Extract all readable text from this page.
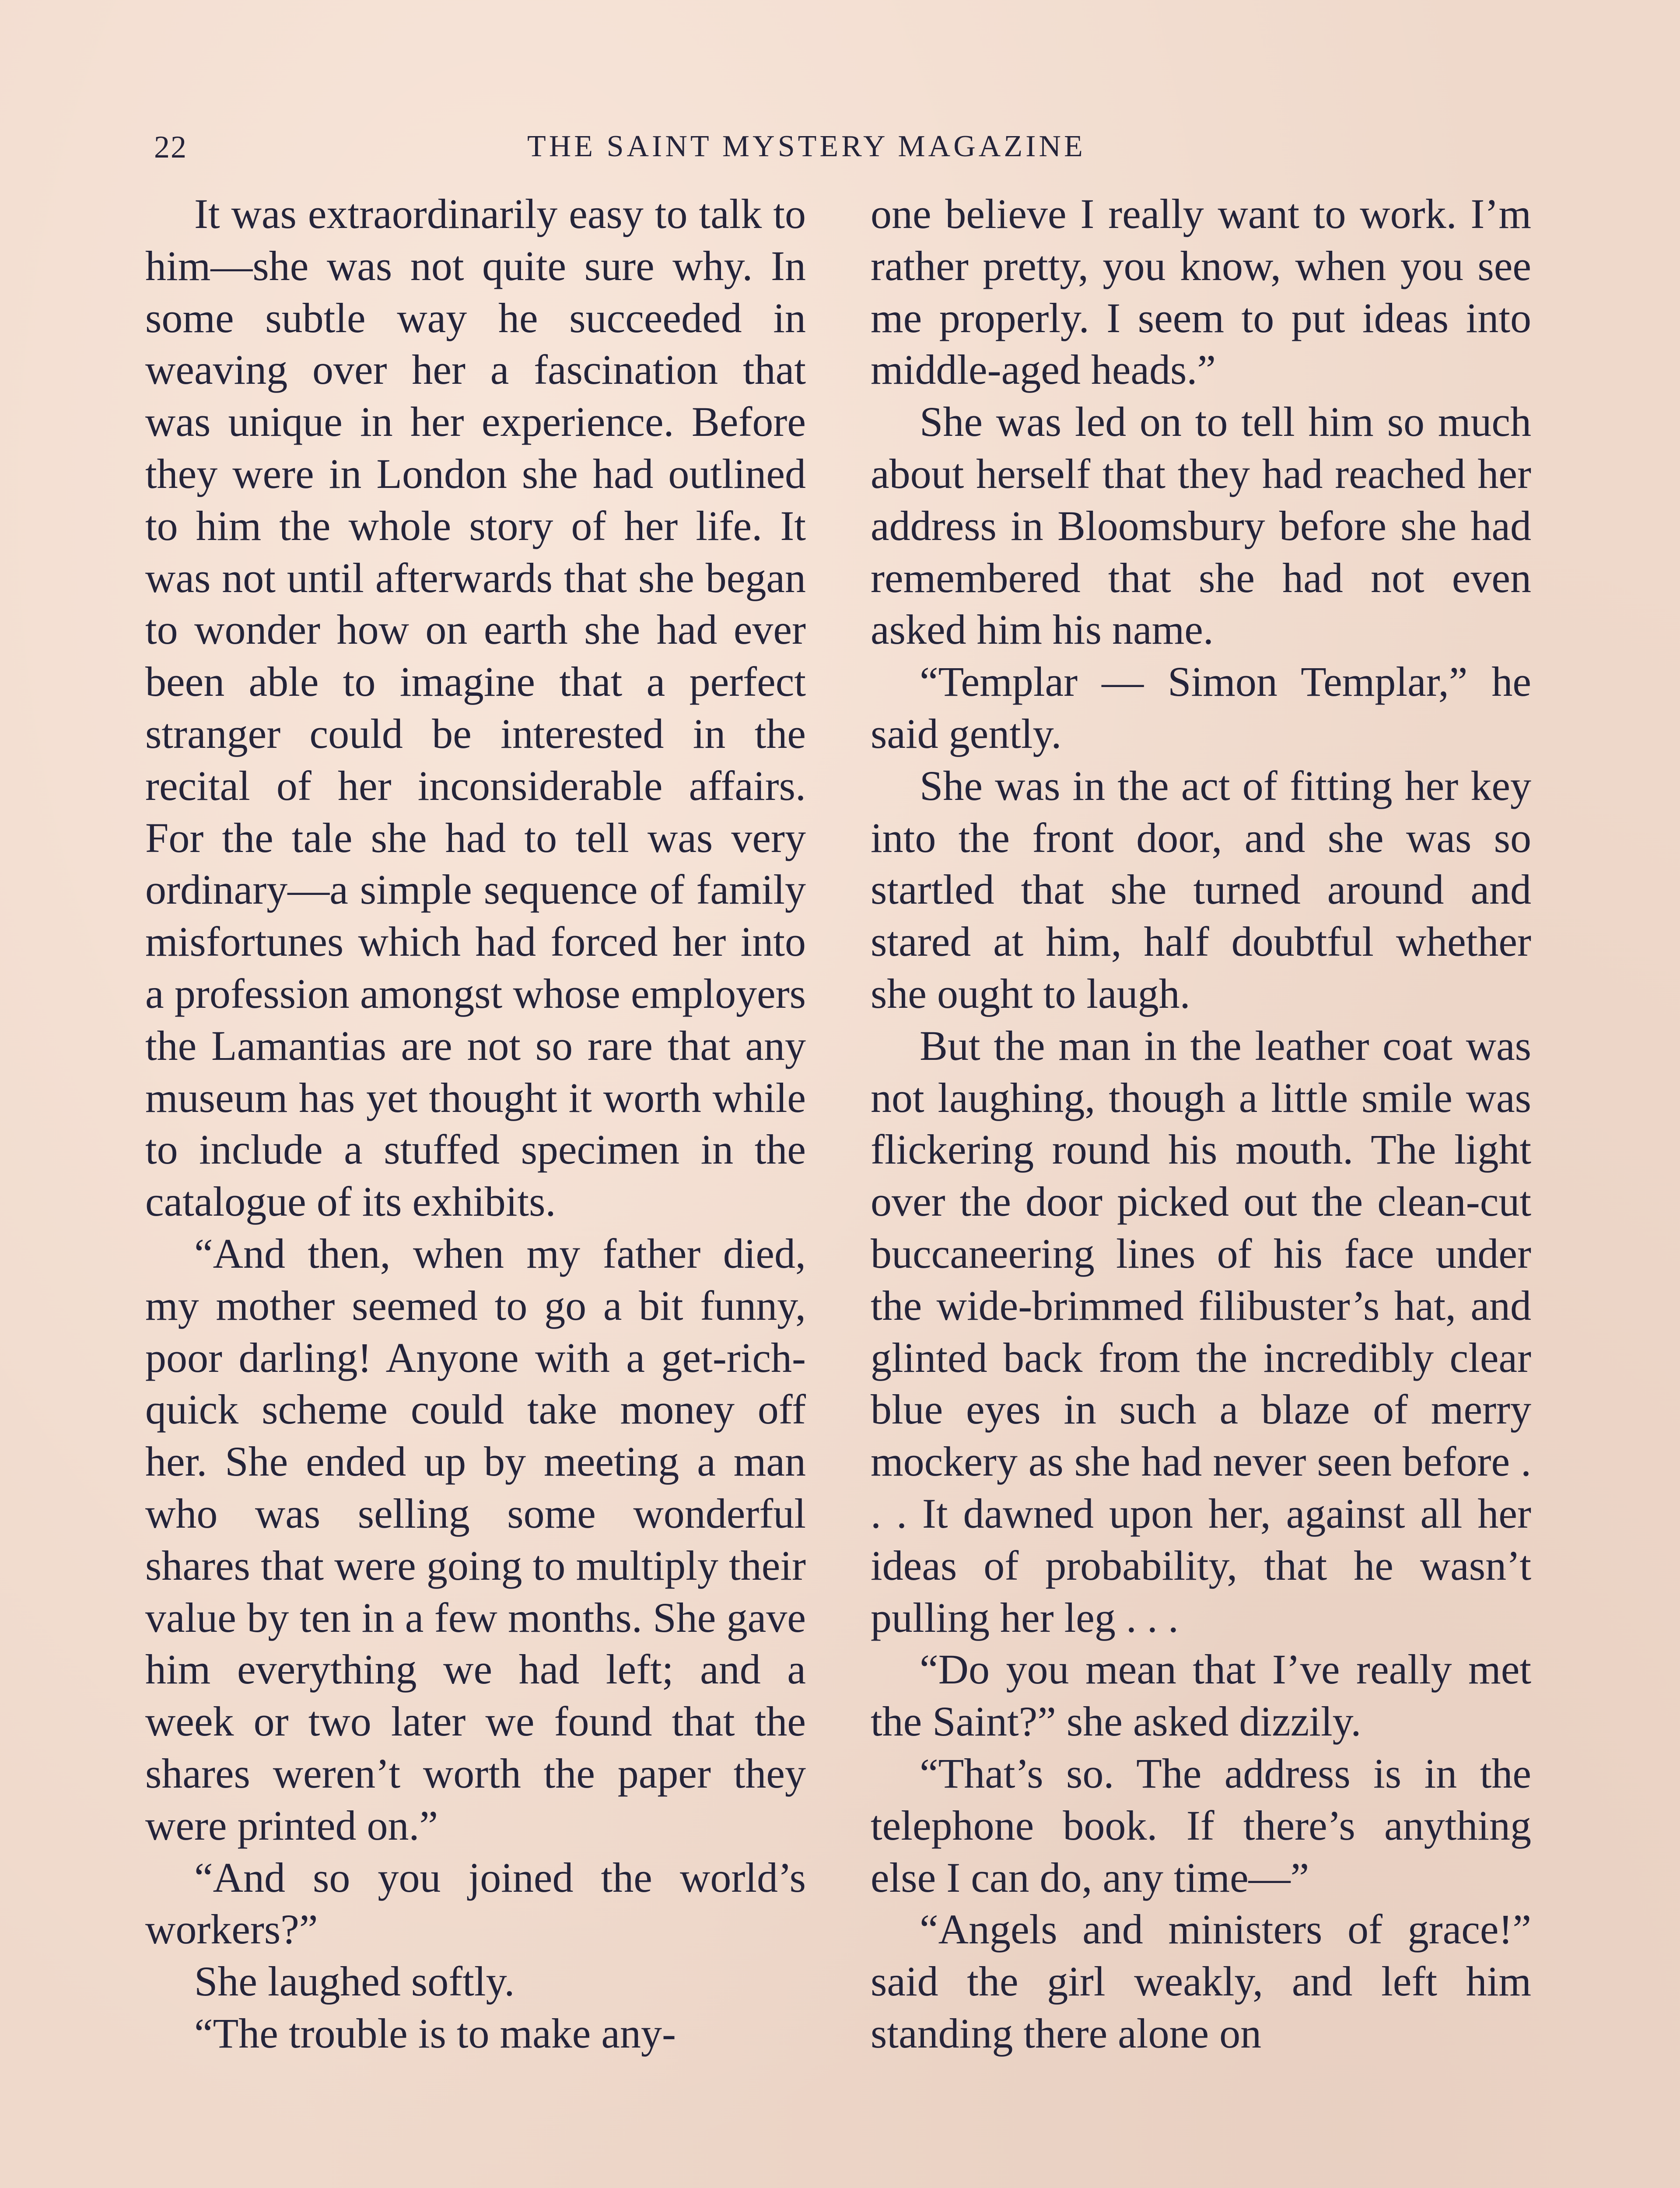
22	THE SAINT MYSTERY MAGAZINE

It was extraordinarily easy to talk to him—she was not quite sure why. In some subtle way he succeeded in weaving over her a fascination that was unique in her experience. Before they were in London she had outlined to him the whole story of her life. It was not until afterwards that she began to wonder how on earth she had ever been able to imagine that a perfect stranger could be interested in the recital of her inconsiderable affairs. For the tale she had to tell was very ordinary—a simple sequence of family misfortunes which had forced her into a profession amongst whose employers the Lamantias are not so rare that any museum has yet thought it worth while to include a stuffed specimen in the catalogue of its exhibits.

“And then, when my father died, my mother seemed to go a bit funny, poor darling! Anyone with a get-rich-quick scheme could take money off her. She ended up by meeting a man who was selling some wonderful shares that were going to multiply their value by ten in a few months. She gave him everything we had left; and a week or two later we found that the shares weren’t worth the paper they were printed on.”

“And so you joined the world’s workers?”

She laughed softly.

“The trouble is to make any-

one believe I really want to work. I’m rather pretty, you know, when you see me properly. I seem to put ideas into middle-aged heads.”

She was led on to tell him so much about herself that they had reached her address in Bloomsbury before she had remembered that she had not even asked him his name.

“Templar — Simon Templar,” he said gently.

She was in the act of fitting her key into the front door, and she was so startled that she turned around and stared at him, half doubtful whether she ought to laugh.

But the man in the leather coat was not laughing, though a little smile was flickering round his mouth. The light over the door picked out the clean-cut buccaneering lines of his face under the wide-brimmed filibuster’s hat, and glinted back from the incredibly clear blue eyes in such a blaze of merry mockery as she had never seen before . . . It dawned upon her, against all her ideas of probability, that he wasn’t pulling her leg . . .

“Do you mean that I’ve really met the Saint?” she asked dizzily.

“That’s so. The address is in the telephone book. If there’s anything else I can do, any time—”

“Angels and ministers of grace!” said the girl weakly, and left him standing there alone on
